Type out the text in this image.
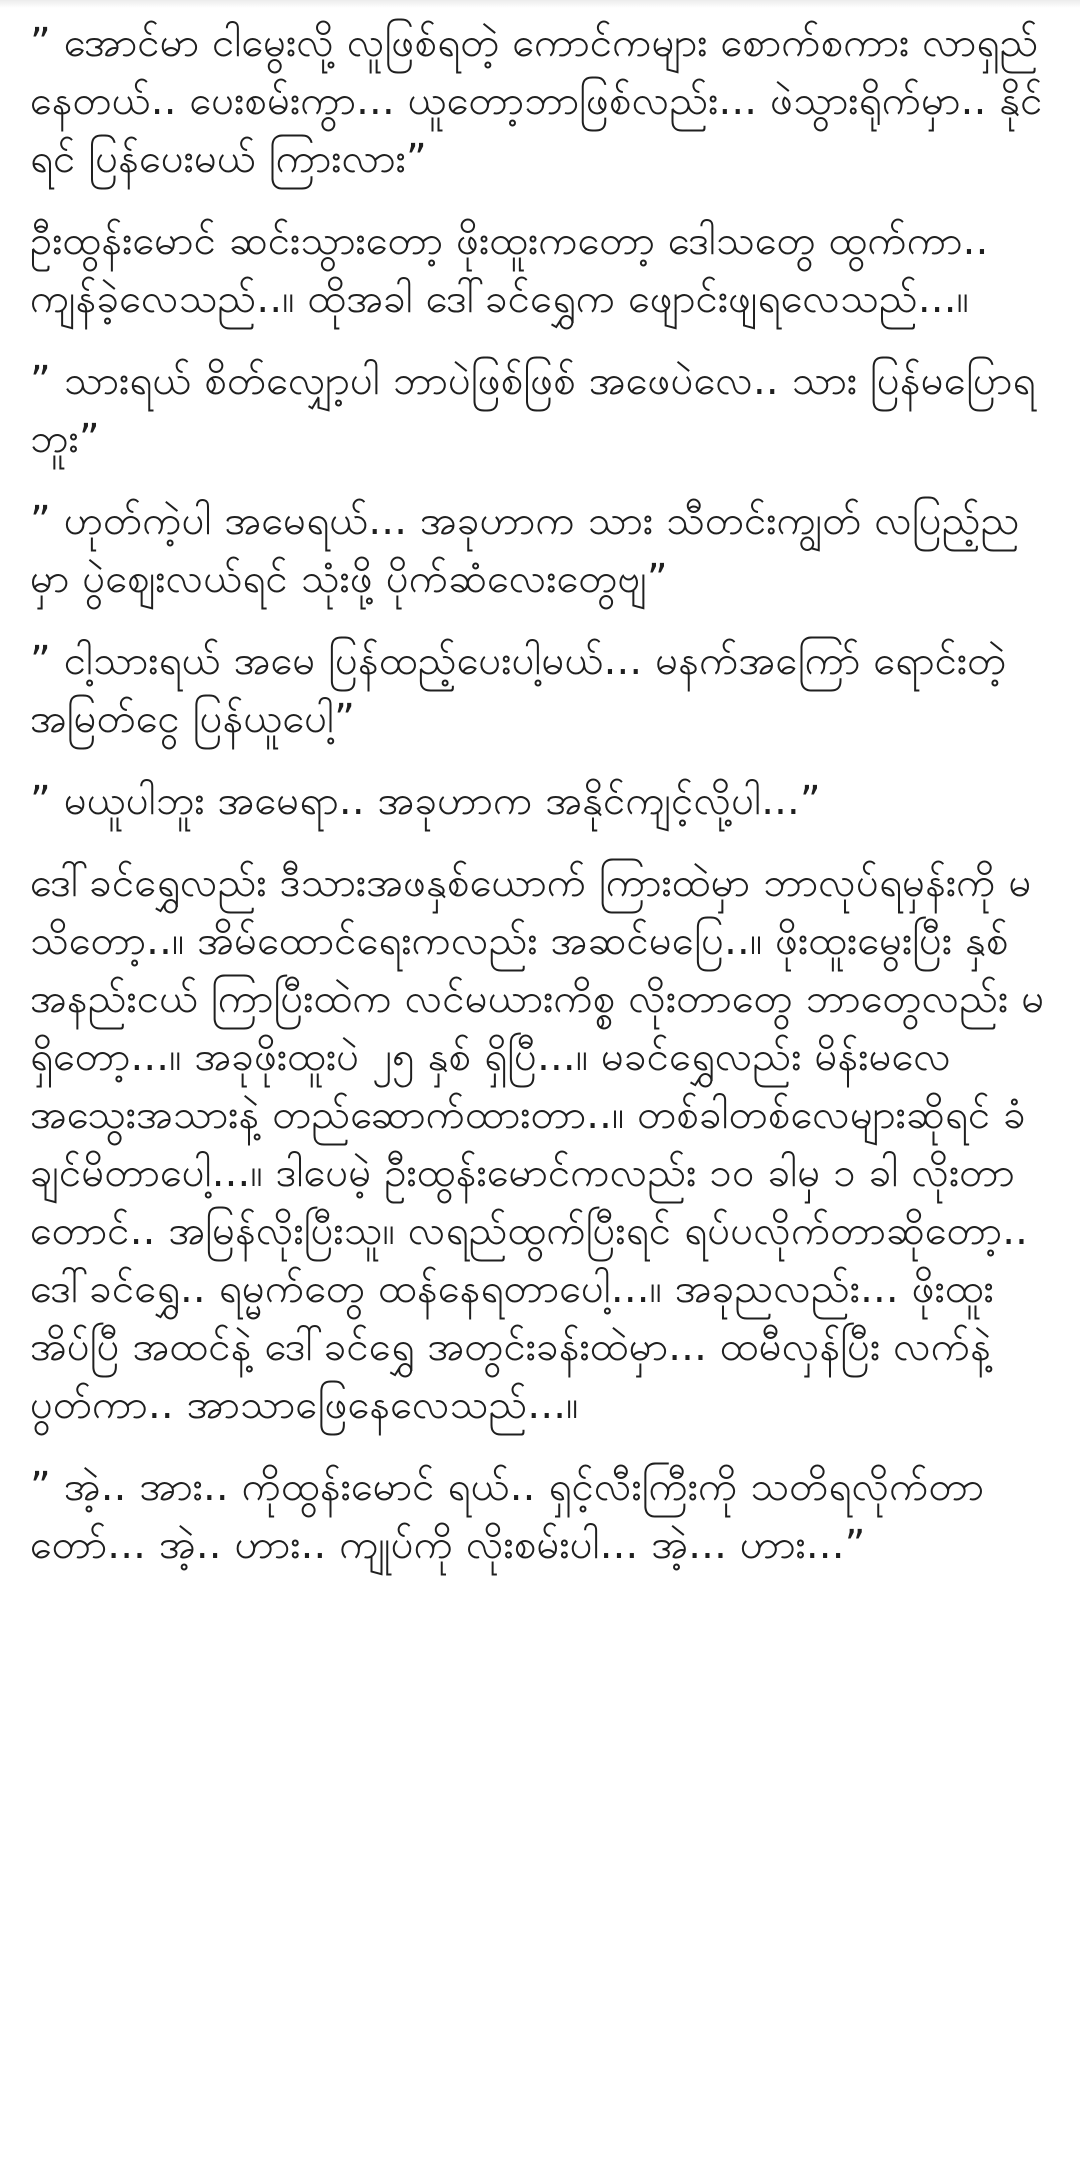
” အောင်မာ ငါမွေးလို့ လူဖြစ်ရတဲ့ ကောင်ကများ စောက်စကား လာရှည်နေတယ်.. ပေးစမ်းကွာ... ယူတော့ဘာဖြစ်လည်း... ဖဲသွားရိုက်မှာ.. နိုင်ရင် ပြန်ပေးမယ် ကြားလား”

ဦးထွန်းမောင် ဆင်းသွားတော့ ဖိုးထူးကတော့ ဒေါသတွေ ထွက်ကာ.. ကျန်ခဲ့လေသည်..။ ထိုအခါ ဒေါ်ခင်ရွှေက ဖျောင်းဖျရလေသည်...။

” သားရယ် စိတ်လျှော့ပါ ဘာပဲဖြစ်ဖြစ် အဖေပဲလေ.. သား ပြန်မပြောရဘူး”

” ဟုတ်ကဲ့ပါ အမေရယ်... အခုဟာက သား သီတင်းကျွတ် လပြည့်ညမှာ ပွဲဈေးလယ်ရင် သုံးဖို့ ပိုက်ဆံလေးတွေဗျ”

” ငါ့သားရယ် အမေ ပြန်ထည့်ပေးပါ့မယ်... မနက်အကြော် ရောင်းတဲ့ အမြတ်ငွေ ပြန်ယူပေါ့”

” မယူပါဘူး အမေရာ.. အခုဟာက အနိုင်ကျင့်လို့ပါ...”

ဒေါ်ခင်ရွှေလည်း ဒီသားအဖနှစ်ယောက် ကြားထဲမှာ ဘာလုပ်ရမှန်းကို မသိတော့..။ အိမ်ထောင်ရေးကလည်း အဆင်မပြေ..။ ဖိုးထူးမွေးပြီး နှစ်အနည်းငယ် ကြာပြီးထဲက လင်မယားကိစ္စ လိုးတာတွေ ဘာတွေလည်း မရှိတော့...။ အခုဖိုးထူးပဲ ၂၅ နှစ် ရှိပြီ...။ မခင်ရွှေလည်း မိန်းမလေ အသွေးအသားနဲ့ တည်ဆောက်ထားတာ..။ တစ်ခါတစ်လေများဆိုရင် ခံချင်မိတာပေါ့...။ ဒါပေမဲ့ ဦးထွန်းမောင်ကလည်း ၁၀ ခါမှ ၁ ခါ လိုးတာတောင်.. အမြန်လိုးပြီးသူ။ လရည်ထွက်ပြီးရင် ရပ်ပလိုက်တာဆိုတော့.. ဒေါ်ခင်ရွှေ.. ရမ္မက်တွေ ထန်နေရတာပေါ့...။ အခုညလည်း... ဖိုးထူး အိပ်ပြီ အထင်နဲ့ ဒေါ်ခင်ရွှေ အတွင်းခန်းထဲမှာ... ထမီလှန်ပြီး လက်နဲ့ပွတ်ကာ.. အာသာဖြေနေလေသည်...။

” အဲ့.. အား.. ကိုထွန်းမောင် ရယ်.. ရှင့်လီးကြီးကို သတိရလိုက်တာတော်... အဲ့.. ဟား.. ကျုပ်ကို လိုးစမ်းပါ... အဲ့... ဟား...”
